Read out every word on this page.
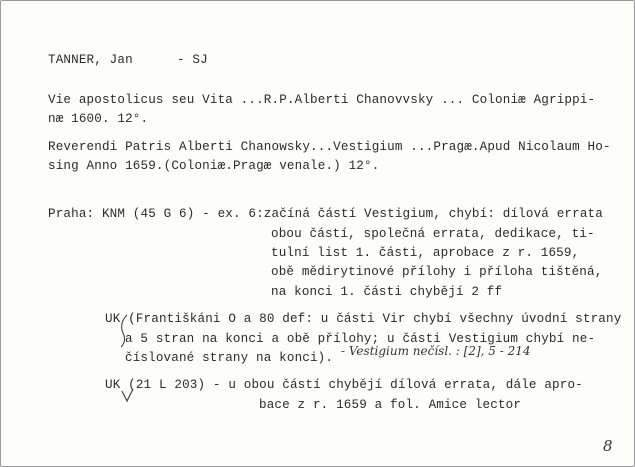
TANNER, Jan	- SJ
Vie apostolicus seu Vita ...R.P.Alberti Chanovvsky ... Coloniæ Agrippi-
næ 1600. 12°.
Reverendi Patris Alberti Chanowsky...Vestigium ...Pragæ.Apud Nicolaum Ho-
sing Anno 1659.(Coloniæ.Pragæ venale.) 12°.
Praha: KNM (45 G 6) - ex. 6:začíná částí Vestigium, chybí: dílová errata
obou částí, společná errata, dedikace, ti-
tulní list 1. části, aprobace z r. 1659,
obě mědirytinové přílohy i příloha tištěná,
na konci 1. části chybějí 2 ff
UK (Františkáni O a 80 def: u části Vir chybí všechny úvodní strany
a 5 stran na konci a obě přílohy; u části Vestigium chybí ne-
číslované strany na konci). - Vestigium nečísl. : [2], 5 - 214
UK (21 L 203) - u obou částí chybějí dílová errata, dále apro-
bace z r. 1659 a fol. Amice lector
8
